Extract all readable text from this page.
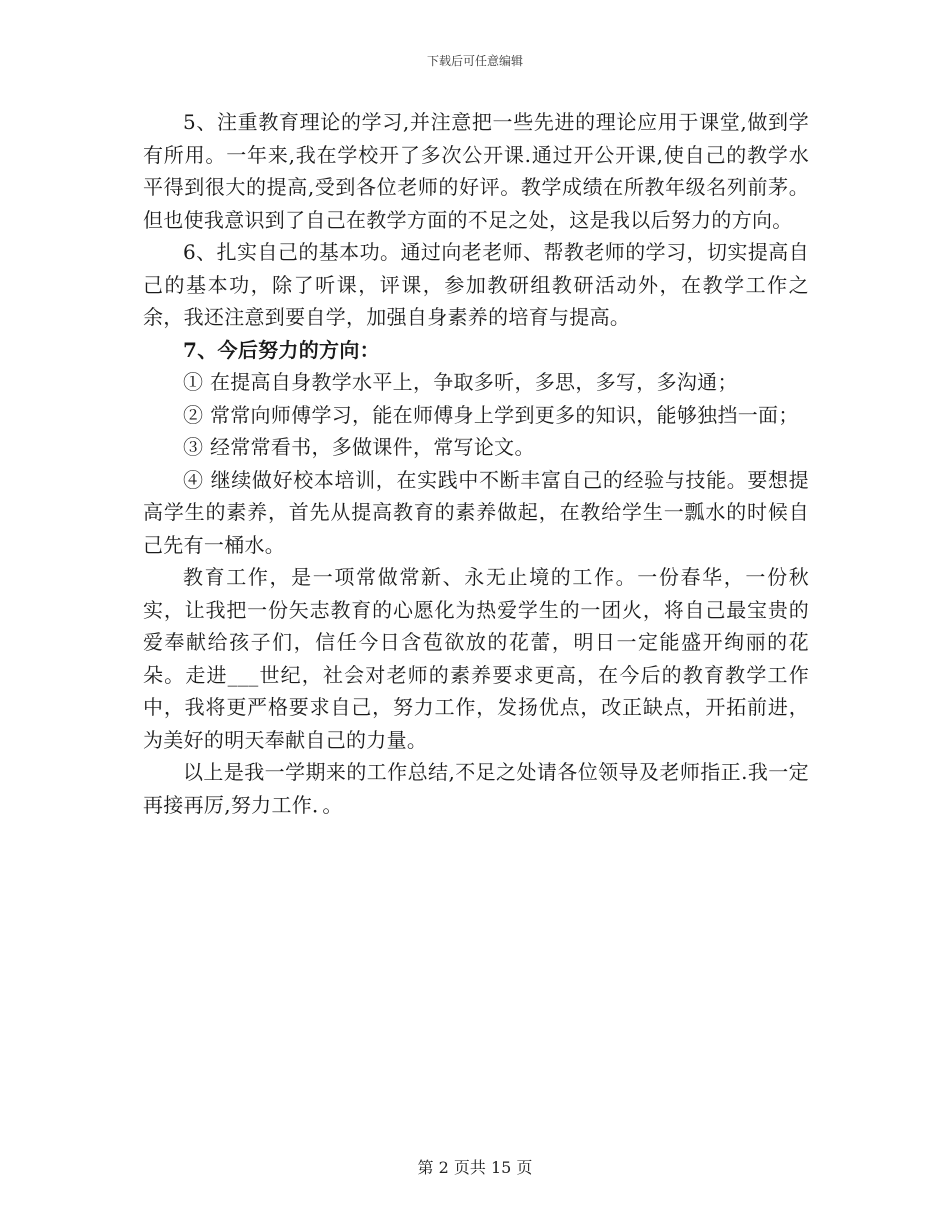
下载后可任意编辑

5、注重教育理论的学习,并注意把一些先进的理论应用于课堂,做到学有所用。一年来,我在学校开了多次公开课.通过开公开课,使自己的教学水平得到很大的提高,受到各位老师的好评。教学成绩在所教年级名列前茅。但也使我意识到了自己在教学方面的不足之处，这是我以后努力的方向。

6、扎实自己的基本功。通过向老老师、帮教老师的学习，切实提高自己的基本功，除了听课，评课，参加教研组教研活动外，在教学工作之余，我还注意到要自学，加强自身素养的培育与提高。

7、今后努力的方向：

① 在提高自身教学水平上，争取多听，多思，多写，多沟通；

② 常常向师傅学习，能在师傅身上学到更多的知识，能够独挡一面；

③ 经常常看书，多做课件，常写论文。

④ 继续做好校本培训，在实践中不断丰富自己的经验与技能。要想提高学生的素养，首先从提高教育的素养做起，在教给学生一瓢水的时候自己先有一桶水。

教育工作，是一项常做常新、永无止境的工作。一份春华，一份秋实，让我把一份矢志教育的心愿化为热爱学生的一团火，将自己最宝贵的爱奉献给孩子们，信任今日含苞欲放的花蕾，明日一定能盛开绚丽的花朵。走进___世纪，社会对老师的素养要求更高，在今后的教育教学工作中，我将更严格要求自己，努力工作，发扬优点，改正缺点，开拓前进，为美好的明天奉献自己的力量。

以上是我一学期来的工作总结,不足之处请各位领导及老师指正.我一定再接再厉,努力工作．。

第 2 页共 15 页
